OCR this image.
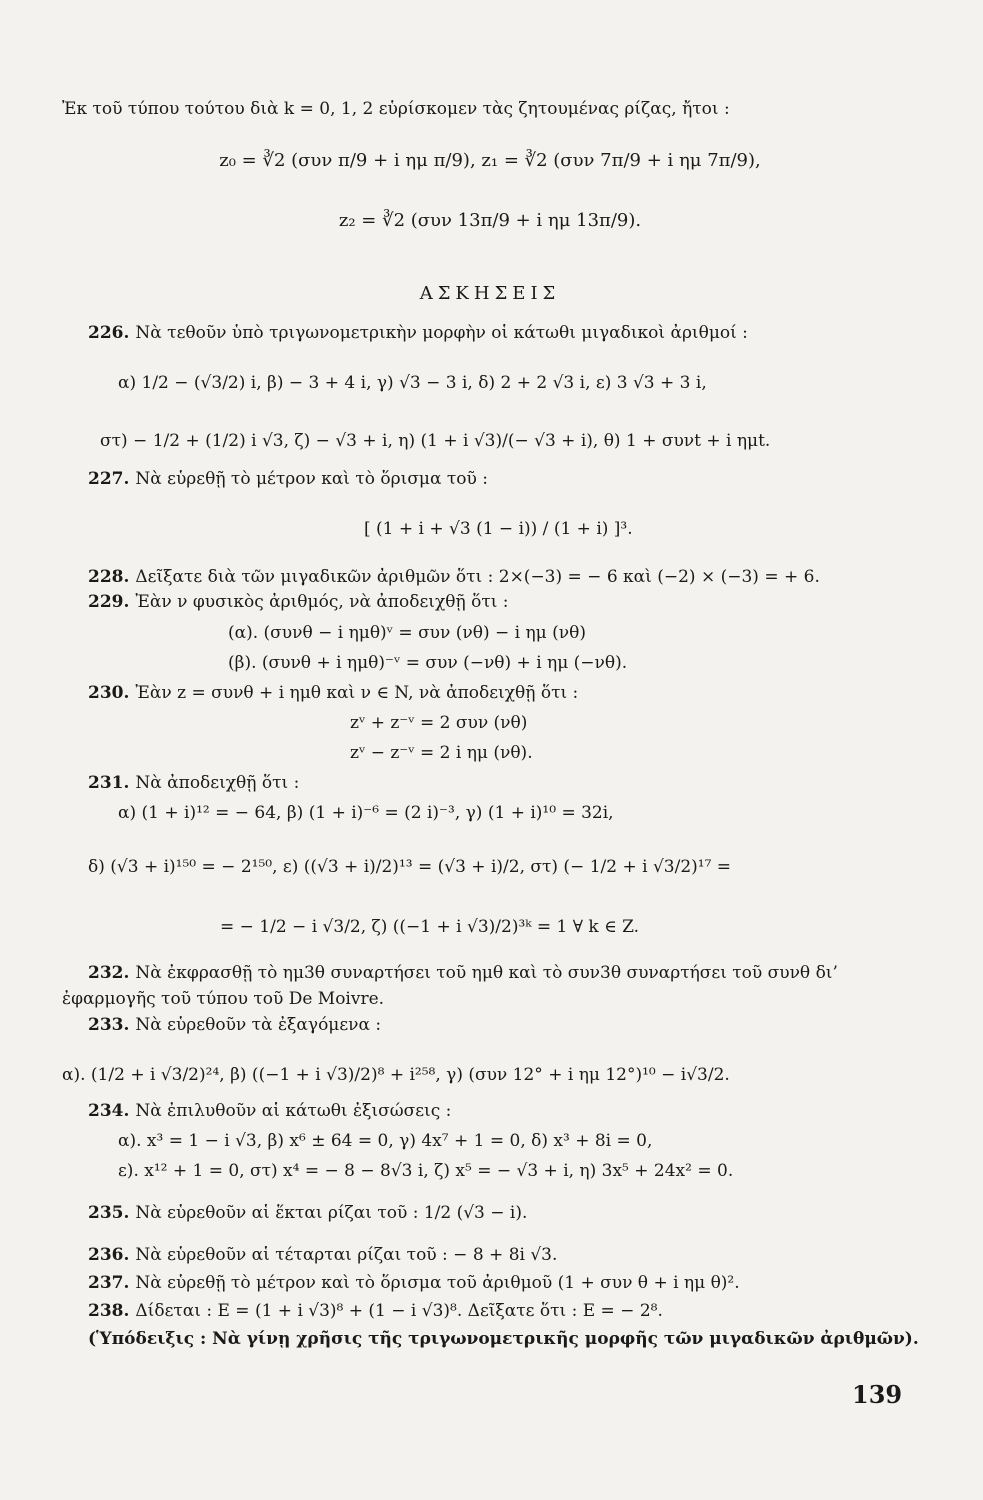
Ἐκ τοῦ τύπου τούτου διὰ k = 0, 1, 2 εὑρίσκομεν τὰς ζητουμένας ρίζας, ἤτοι :
z₀ = ∛2 (συν π/9 + i ημ π/9), z₁ = ∛2 (συν 7π/9 + i ημ 7π/9),
z₂ = ∛2 (συν 13π/9 + i ημ 13π/9).
ΑΣΚΗΣΕΙΣ
226. Νὰ τεθοῦν ὑπὸ τριγωνομετρικὴν μορφὴν οἱ κάτωθι μιγαδικοὶ ἀριθμοί :
α) 1/2 − (√3/2) i, β) − 3 + 4 i, γ) √3 − 3 i, δ) 2 + 2 √3 i, ε) 3 √3 + 3 i,
στ) − 1/2 + (1/2) i √3, ζ) − √3 + i, η) (1 + i √3)/(− √3 + i), θ) 1 + συνt + i ημt.
227. Νὰ εὑρεθῇ τὸ μέτρον καὶ τὸ ὅρισμα τοῦ :
[ (1 + i + √3 (1 − i)) / (1 + i) ]³.
228. Δεῖξατε διὰ τῶν μιγαδικῶν ἀριθμῶν ὅτι : 2×(−3) = − 6 καὶ (−2) × (−3) = + 6.
229. Ἐὰν ν φυσικὸς ἀριθμός, νὰ ἀποδειχθῇ ὅτι :
(α). (συνθ − i ημθ)ᵛ = συν (νθ) − i ημ (νθ)
(β). (συνθ + i ημθ)⁻ᵛ = συν (−νθ) + i ημ (−νθ).
230. Ἐὰν z = συνθ + i ημθ καὶ ν ∈ N, νὰ ἀποδειχθῇ ὅτι :
zᵛ + z⁻ᵛ = 2 συν (νθ)
zᵛ − z⁻ᵛ = 2 i ημ (νθ).
231. Νὰ ἀποδειχθῇ ὅτι :
α) (1 + i)¹² = − 64, β) (1 + i)⁻⁶ = (2 i)⁻³, γ) (1 + i)¹⁰ = 32i,
δ) (√3 + i)¹⁵⁰ = − 2¹⁵⁰, ε) ((√3 + i)/2)¹³ = (√3 + i)/2, στ) (− 1/2 + i √3/2)¹⁷ =
= − 1/2 − i √3/2, ζ) ((−1 + i √3)/2)³ᵏ = 1 ∀ k ∈ Z.
232. Νὰ ἐκφρασθῇ τὸ ημ3θ συναρτήσει τοῦ ημθ καὶ τὸ συν3θ συναρτήσει τοῦ συνθ δι’
ἐφαρμογῆς τοῦ τύπου τοῦ De Moivre.
233. Νὰ εὑρεθοῦν τὰ ἐξαγόμενα :
α). (1/2 + i √3/2)²⁴, β) ((−1 + i √3)/2)⁸ + i²⁵⁸, γ) (συν 12° + i ημ 12°)¹⁰ − i√3/2.
234. Νὰ ἐπιλυθοῦν αἱ κάτωθι ἐξισώσεις :
α). x³ = 1 − i √3, β) x⁶ ± 64 = 0, γ) 4x⁷ + 1 = 0, δ) x³ + 8i = 0,
ε). x¹² + 1 = 0, στ) x⁴ = − 8 − 8√3 i, ζ) x⁵ = − √3 + i, η) 3x⁵ + 24x² = 0.
235. Νὰ εὑρεθοῦν αἱ ἕκται ρίζαι τοῦ : 1/2 (√3 − i).
236. Νὰ εὑρεθοῦν αἱ τέταρται ρίζαι τοῦ : − 8 + 8i √3.
237. Νὰ εὑρεθῇ τὸ μέτρον καὶ τὸ ὅρισμα τοῦ ἀριθμοῦ (1 + συν θ + i ημ θ)².
238. Δίδεται : E = (1 + i √3)⁸ + (1 − i √3)⁸. Δεῖξατε ὅτι : E = − 2⁸.
(Ὑπόδειξις : Νὰ γίνῃ χρῆσις τῆς τριγωνομετρικῆς μορφῆς τῶν μιγαδικῶν ἀριθμῶν).
139
